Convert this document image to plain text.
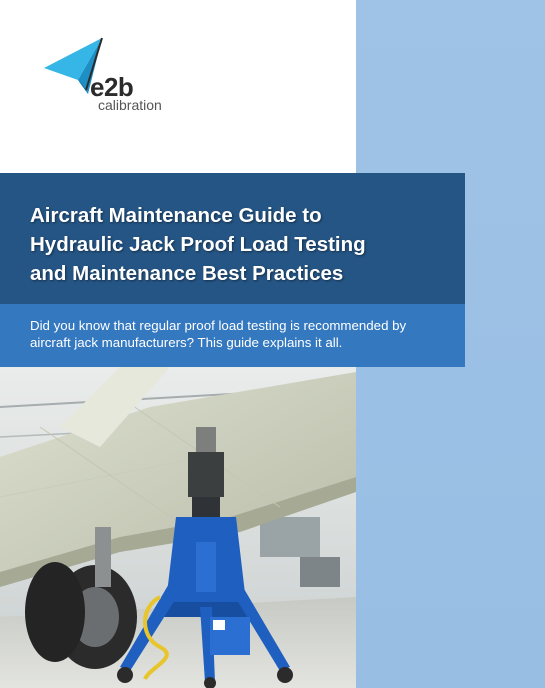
e2b
calibration
Aircraft Maintenance Guide to
Hydraulic Jack Proof Load Testing
and Maintenance Best Practices

Did you know that regular proof load testing is recommended by
aircraft jack manufacturers? This guide explains it all.
